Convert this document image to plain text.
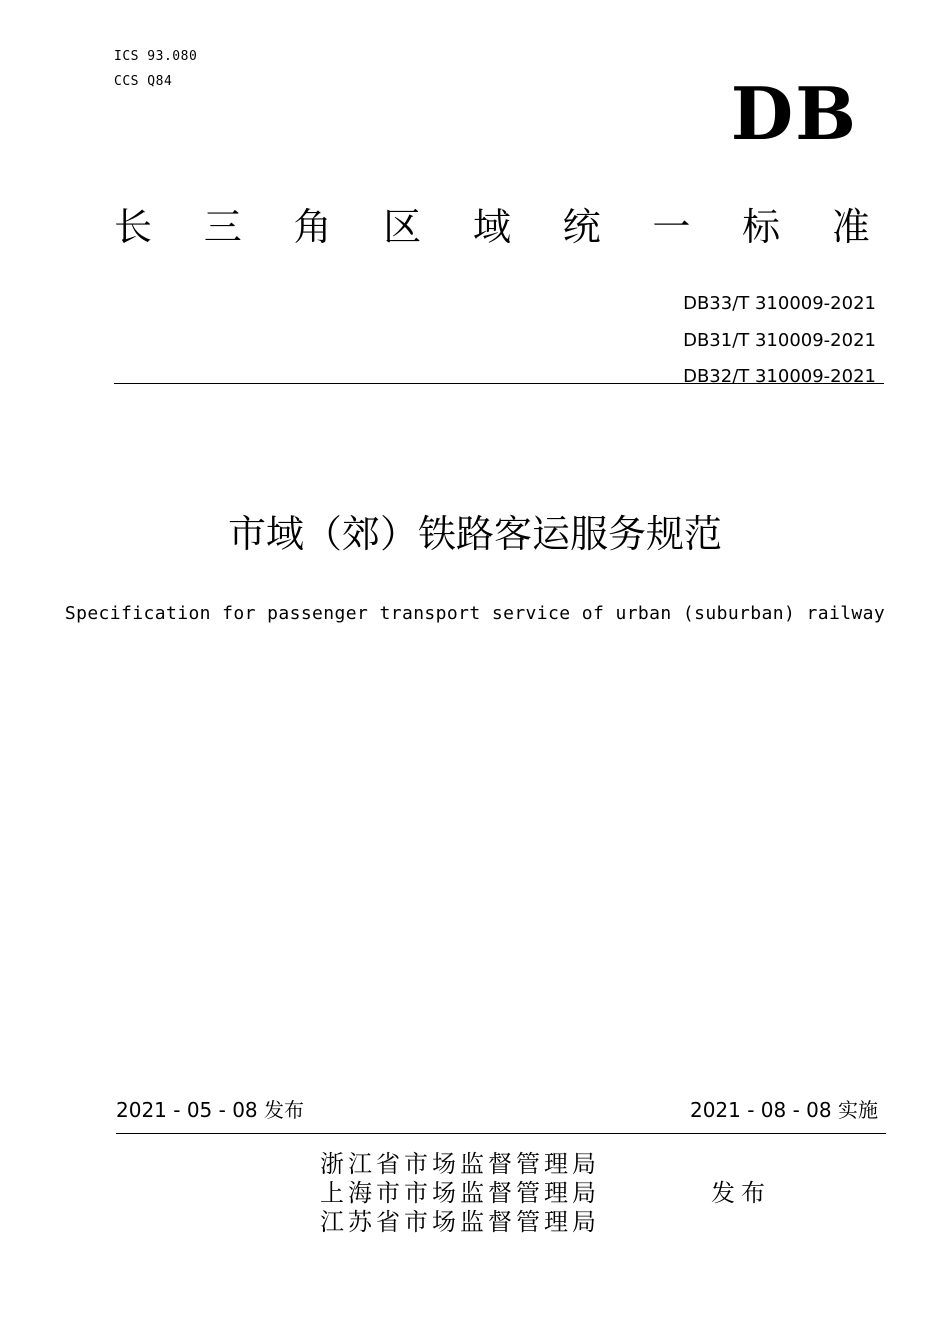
ICS 93.080
CCS Q84	DB
长 三 角 区 域 统 一 标 准
DB33/T 310009-2021
DB31/T 310009-2021
DB32/T 310009-2021
市域（郊）铁路客运服务规范
Specification for passenger transport service of urban (suburban) railway
2021 - 05 - 08 发布	2021 - 08 - 08 实施
浙江省市场监督管理局
上海市市场监督管理局
江苏省市场监督管理局
发布
